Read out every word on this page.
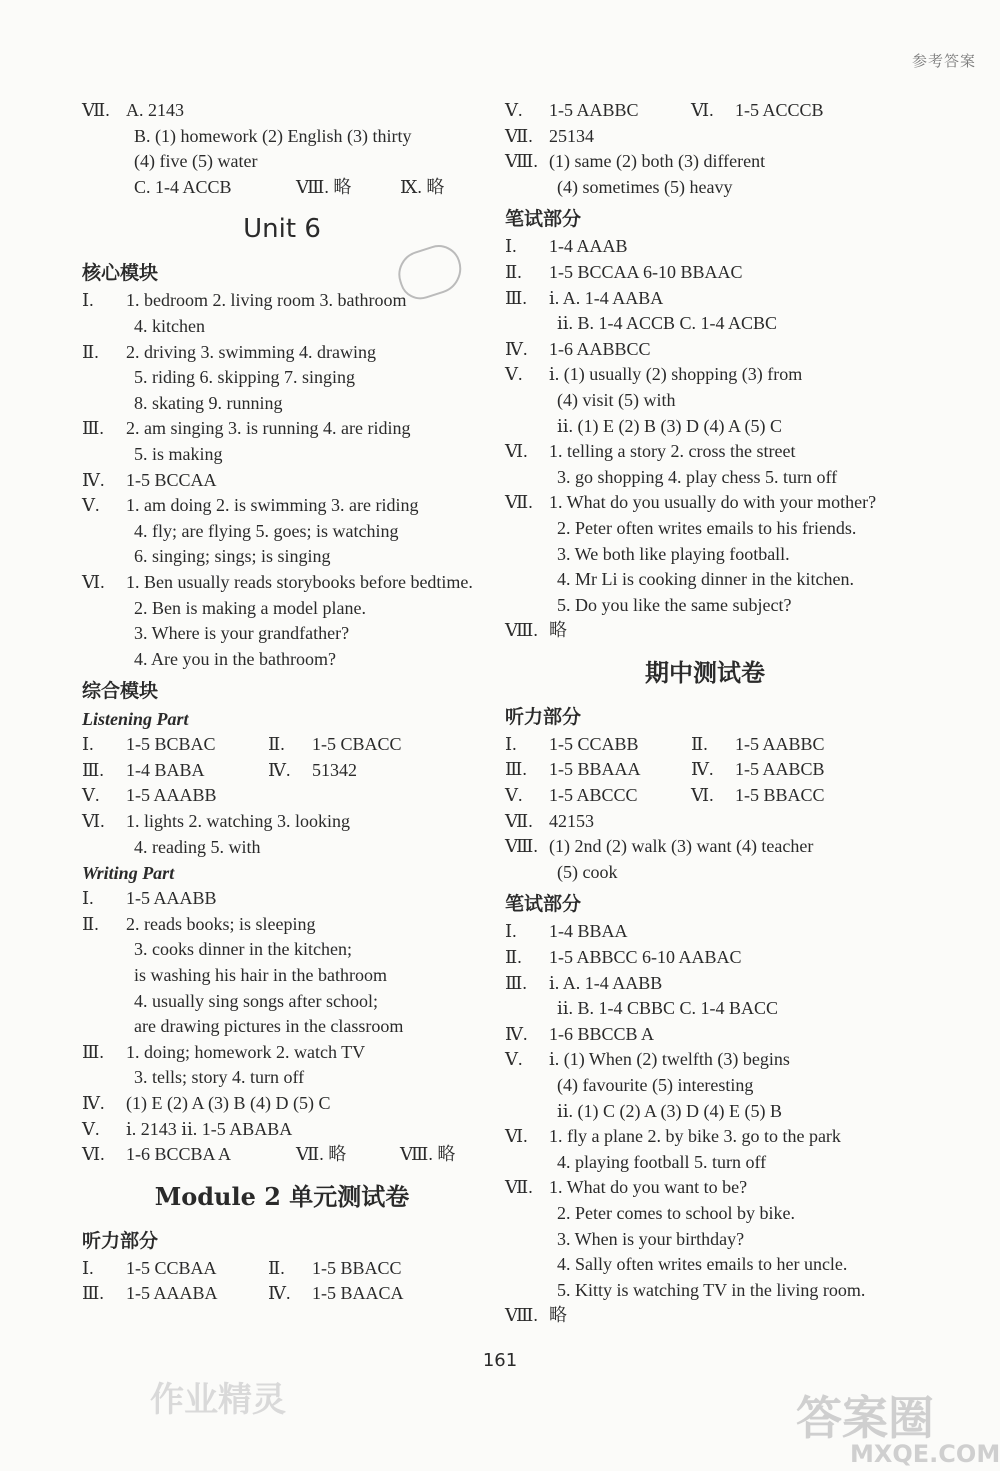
参考答案
Ⅶ. A. 2143
B. (1) homework (2) English (3) thirty
(4) five (5) water
C. 1-4 ACCB	Ⅷ. 略	Ⅸ. 略
Unit 6
核心模块
Ⅰ. 1. bedroom 2. living room 3. bathroom
4. kitchen
Ⅱ. 2. driving 3. swimming 4. drawing
5. riding 6. skipping 7. singing
8. skating 9. running
Ⅲ. 2. am singing 3. is running 4. are riding
5. is making
Ⅳ. 1-5 BCCAA
Ⅴ. 1. am doing 2. is swimming 3. are riding
4. fly; are flying 5. goes; is watching
6. singing; sings; is singing
Ⅵ. 1. Ben usually reads storybooks before bedtime.
2. Ben is making a model plane.
3. Where is your grandfather?
4. Are you in the bathroom?
综合模块
Listening Part
Ⅰ. 1-5 BCBAC	Ⅱ. 1-5 CBACC
Ⅲ. 1-4 BABA	Ⅳ. 51342
Ⅴ. 1-5 AAABB
Ⅵ. 1. lights 2. watching 3. looking
4. reading 5. with
Writing Part
Ⅰ. 1-5 AAABB
Ⅱ. 2. reads books; is sleeping
3. cooks dinner in the kitchen;
is washing his hair in the bathroom
4. usually sing songs after school;
are drawing pictures in the classroom
Ⅲ. 1. doing; homework 2. watch TV
3. tells; story 4. turn off
Ⅳ. (1) E (2) A (3) B (4) D (5) C
Ⅴ. ⅰ. 2143 ⅱ. 1-5 ABABA
Ⅵ. 1-6 BCCBA A	Ⅶ. 略	Ⅷ. 略
Module 2 单元测试卷
听力部分
Ⅰ. 1-5 CCBAA	Ⅱ. 1-5 BBACC
Ⅲ. 1-5 AAABA	Ⅳ. 1-5 BAACA
Ⅴ. 1-5 AABBC	Ⅵ. 1-5 ACCCB
Ⅶ. 25134
Ⅷ. (1) same (2) both (3) different
(4) sometimes (5) heavy
笔试部分
Ⅰ. 1-4 AAAB
Ⅱ. 1-5 BCCAA 6-10 BBAAC
Ⅲ. ⅰ. A. 1-4 AABA
ⅱ. B. 1-4 ACCB C. 1-4 ACBC
Ⅳ. 1-6 AABBCC
Ⅴ. ⅰ. (1) usually (2) shopping (3) from
(4) visit (5) with
ⅱ. (1) E (2) B (3) D (4) A (5) C
Ⅵ. 1. telling a story 2. cross the street
3. go shopping 4. play chess 5. turn off
Ⅶ. 1. What do you usually do with your mother?
2. Peter often writes emails to his friends.
3. We both like playing football.
4. Mr Li is cooking dinner in the kitchen.
5. Do you like the same subject?
Ⅷ. 略
期中测试卷
听力部分
Ⅰ. 1-5 CCABB	Ⅱ. 1-5 AABBC
Ⅲ. 1-5 BBAAA	Ⅳ. 1-5 AABCB
Ⅴ. 1-5 ABCCC	Ⅵ. 1-5 BBACC
Ⅶ. 42153
Ⅷ. (1) 2nd (2) walk (3) want (4) teacher
(5) cook
笔试部分
Ⅰ. 1-4 BBAA
Ⅱ. 1-5 ABBCC 6-10 AABAC
Ⅲ. ⅰ. A. 1-4 AABB
ⅱ. B. 1-4 CBBC C. 1-4 BACC
Ⅳ. 1-6 BBCCB A
Ⅴ. ⅰ. (1) When (2) twelfth (3) begins
(4) favourite (5) interesting
ⅱ. (1) C (2) A (3) D (4) E (5) B
Ⅵ. 1. fly a plane 2. by bike 3. go to the park
4. playing football 5. turn off
Ⅶ. 1. What do you want to be?
2. Peter comes to school by bike.
3. When is your birthday?
4. Sally often writes emails to her uncle.
5. Kitty is watching TV in the living room.
Ⅷ. 略
161
作业精灵	答案圈
MXQE.COM
